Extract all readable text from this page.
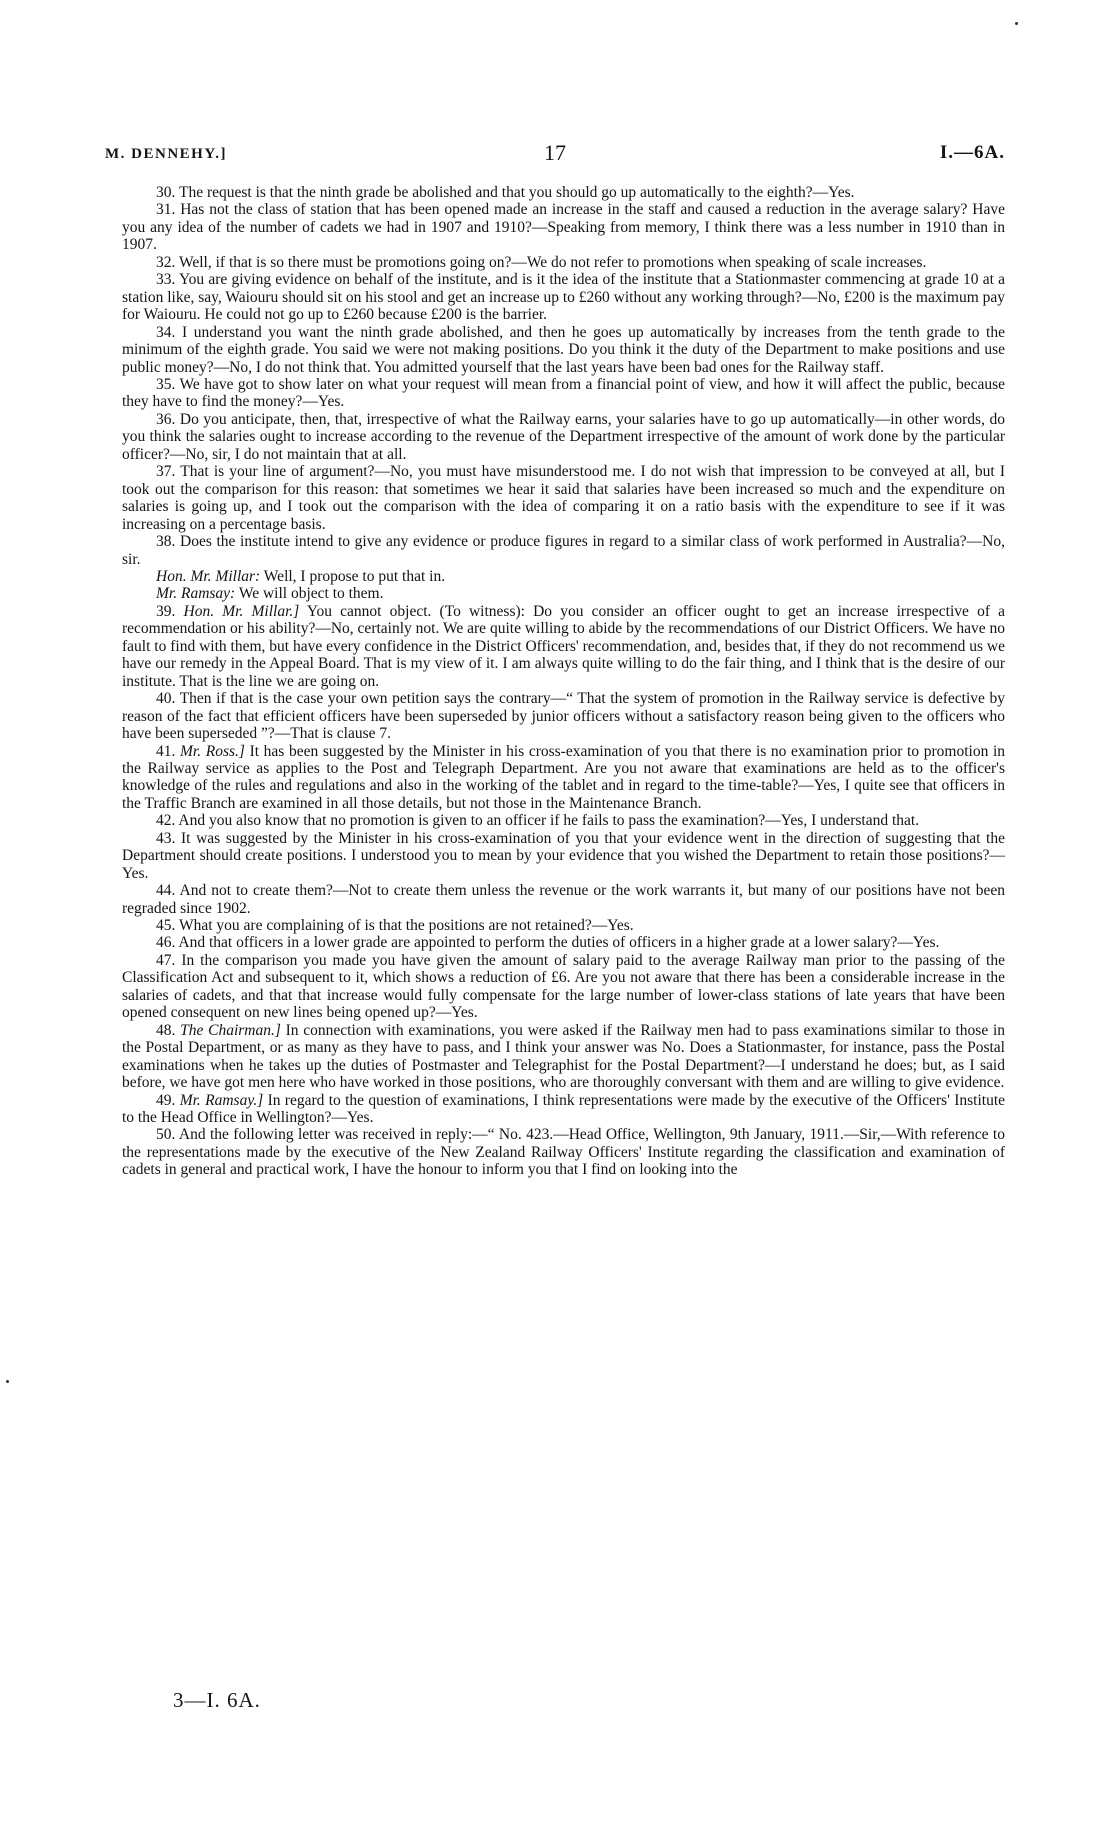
M. DENNEHY.]	17	I.—6A.

30. The request is that the ninth grade be abolished and that you should go up automatically to the eighth?—Yes.

31. Has not the class of station that has been opened made an increase in the staff and caused a reduction in the average salary? Have you any idea of the number of cadets we had in 1907 and 1910?—Speaking from memory, I think there was a less number in 1910 than in 1907.

32. Well, if that is so there must be promotions going on?—We do not refer to promotions when speaking of scale increases.

33. You are giving evidence on behalf of the institute, and is it the idea of the institute that a Stationmaster commencing at grade 10 at a station like, say, Waiouru should sit on his stool and get an increase up to £260 without any working through?—No, £200 is the maximum pay for Waiouru. He could not go up to £260 because £200 is the barrier.

34. I understand you want the ninth grade abolished, and then he goes up automatically by increases from the tenth grade to the minimum of the eighth grade. You said we were not making positions. Do you think it the duty of the Department to make positions and use public money?—No, I do not think that. You admitted yourself that the last years have been bad ones for the Railway staff.

35. We have got to show later on what your request will mean from a financial point of view, and how it will affect the public, because they have to find the money?—Yes.

36. Do you anticipate, then, that, irrespective of what the Railway earns, your salaries have to go up automatically—in other words, do you think the salaries ought to increase according to the revenue of the Department irrespective of the amount of work done by the particular officer?—No, sir, I do not maintain that at all.

37. That is your line of argument?—No, you must have misunderstood me. I do not wish that impression to be conveyed at all, but I took out the comparison for this reason: that sometimes we hear it said that salaries have been increased so much and the expenditure on salaries is going up, and I took out the comparison with the idea of comparing it on a ratio basis with the expenditure to see if it was increasing on a percentage basis.

38. Does the institute intend to give any evidence or produce figures in regard to a similar class of work performed in Australia?—No, sir.

Hon. Mr. Millar: Well, I propose to put that in.

Mr. Ramsay: We will object to them.

39. Hon. Mr. Millar.] You cannot object. (To witness): Do you consider an officer ought to get an increase irrespective of a recommendation or his ability?—No, certainly not. We are quite willing to abide by the recommendations of our District Officers. We have no fault to find with them, but have every confidence in the District Officers' recommendation, and, besides that, if they do not recommend us we have our remedy in the Appeal Board. That is my view of it. I am always quite willing to do the fair thing, and I think that is the desire of our institute. That is the line we are going on.

40. Then if that is the case your own petition says the contrary—“ That the system of promotion in the Railway service is defective by reason of the fact that efficient officers have been superseded by junior officers without a satisfactory reason being given to the officers who have been superseded ”?—That is clause 7.

41. Mr. Ross.] It has been suggested by the Minister in his cross-examination of you that there is no examination prior to promotion in the Railway service as applies to the Post and Telegraph Department. Are you not aware that examinations are held as to the officer's knowledge of the rules and regulations and also in the working of the tablet and in regard to the time-table?—Yes, I quite see that officers in the Traffic Branch are examined in all those details, but not those in the Maintenance Branch.

42. And you also know that no promotion is given to an officer if he fails to pass the examination?—Yes, I understand that.

43. It was suggested by the Minister in his cross-examination of you that your evidence went in the direction of suggesting that the Department should create positions. I understood you to mean by your evidence that you wished the Department to retain those positions?—Yes.

44. And not to create them?—Not to create them unless the revenue or the work warrants it, but many of our positions have not been regraded since 1902.

45. What you are complaining of is that the positions are not retained?—Yes.

46. And that officers in a lower grade are appointed to perform the duties of officers in a higher grade at a lower salary?—Yes.

47. In the comparison you made you have given the amount of salary paid to the average Railway man prior to the passing of the Classification Act and subsequent to it, which shows a reduction of £6. Are you not aware that there has been a considerable increase in the salaries of cadets, and that that increase would fully compensate for the large number of lower-class stations of late years that have been opened consequent on new lines being opened up?—Yes.

48. The Chairman.] In connection with examinations, you were asked if the Railway men had to pass examinations similar to those in the Postal Department, or as many as they have to pass, and I think your answer was No. Does a Stationmaster, for instance, pass the Postal examinations when he takes up the duties of Postmaster and Telegraphist for the Postal Department?—I understand he does; but, as I said before, we have got men here who have worked in those positions, who are thoroughly conversant with them and are willing to give evidence.

49. Mr. Ramsay.] In regard to the question of examinations, I think representations were made by the executive of the Officers' Institute to the Head Office in Wellington?—Yes.

50. And the following letter was received in reply:—“ No. 423.—Head Office, Wellington, 9th January, 1911.—Sir,—With reference to the representations made by the executive of the New Zealand Railway Officers' Institute regarding the classification and examination of cadets in general and practical work, I have the honour to inform you that I find on looking into the

3—I. 6A.
